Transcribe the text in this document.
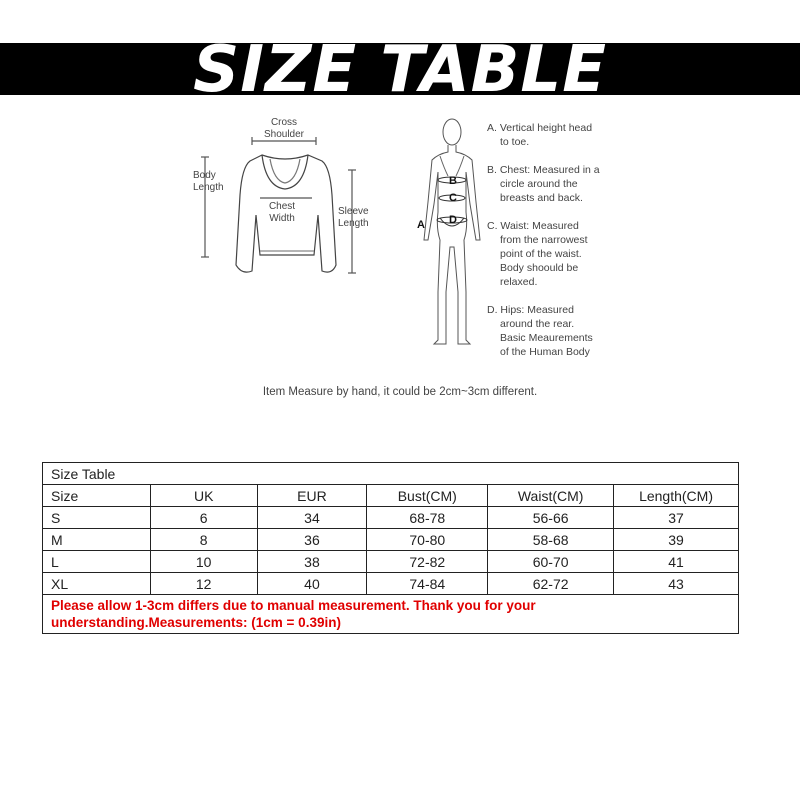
SIZE TABLE
Cross
Shoulder
Body
Length
Chest
Width
Sleeve
Length
B
C
D
A
A. Vertical height head
to toe.
B. Chest: Measured in a
circle around the
breasts and back.
C. Waist: Measured
from the narrowest
point of the waist.
Body shoould be
relaxed.
D. Hips: Measured
around the rear.
Basic Meaurements
of the Human Body
Item Measure by hand, it could be 2cm~3cm different.
Size Table					
Size	UK	EUR	Bust(CM)	Waist(CM)	Length(CM)
S	6	34	68-78	56-66	37
M	8	36	70-80	58-68	39
L	10	38	72-82	60-70	41
XL	12	40	74-84	62-72	43

Please allow 1-3cm differs due to manual measurement. Thank you for your
understanding.Measurements: (1cm = 0.39in)					
